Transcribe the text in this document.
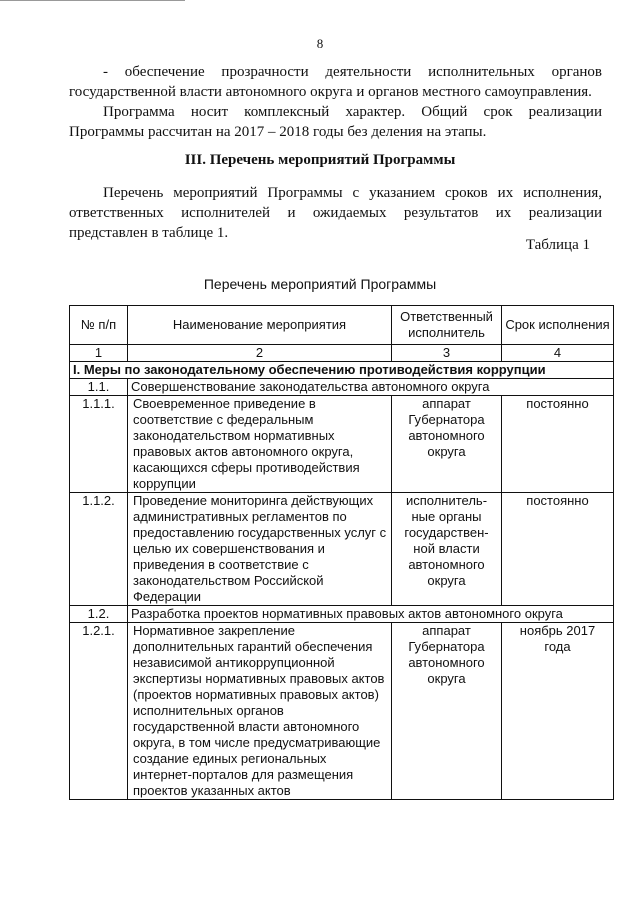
8
- обеспечение прозрачности деятельности исполнительных органов государственной власти автономного округа и органов местного самоуправления.
Программа носит комплексный характер. Общий срок реализации Программы рассчитан на 2017 – 2018 годы без деления на этапы.
III. Перечень мероприятий Программы
Перечень мероприятий Программы с указанием сроков их исполнения, ответственных исполнителей и ожидаемых результатов их реализации представлен в таблице 1.
Таблица 1
Перечень мероприятий Программы
№ п/п	Наименование мероприятия	Ответственный исполнитель	Срок исполнения
1	2	3	4
I. Меры по законодательному обеспечению противодействия коррупции			
1.1.	Совершенствование законодательства автономного округа		
1.1.1.	Своевременное приведение в соответствие с федеральным законодательством нормативных правовых актов автономного округа, касающихся сферы противодействия коррупции	аппарат Губернатора автономного округа	постоянно
1.1.2.	Проведение мониторинга действующих административных регламентов по предоставлению государственных услуг с целью их совершенствования и приведения в соответствие с законодательством Российской Федерации	исполнитель-ные органы государствен-ной власти автономного округа	постоянно
1.2.	Разработка проектов нормативных правовых актов автономного округа		
1.2.1.	Нормативное закрепление дополнительных гарантий обеспечения независимой антикоррупционной экспертизы нормативных правовых актов (проектов нормативных правовых актов) исполнительных органов государственной власти автономного округа, в том числе предусматривающие создание единых региональных интернет-порталов для размещения проектов указанных актов	аппарат Губернатора автономного округа	ноябрь 2017 года
